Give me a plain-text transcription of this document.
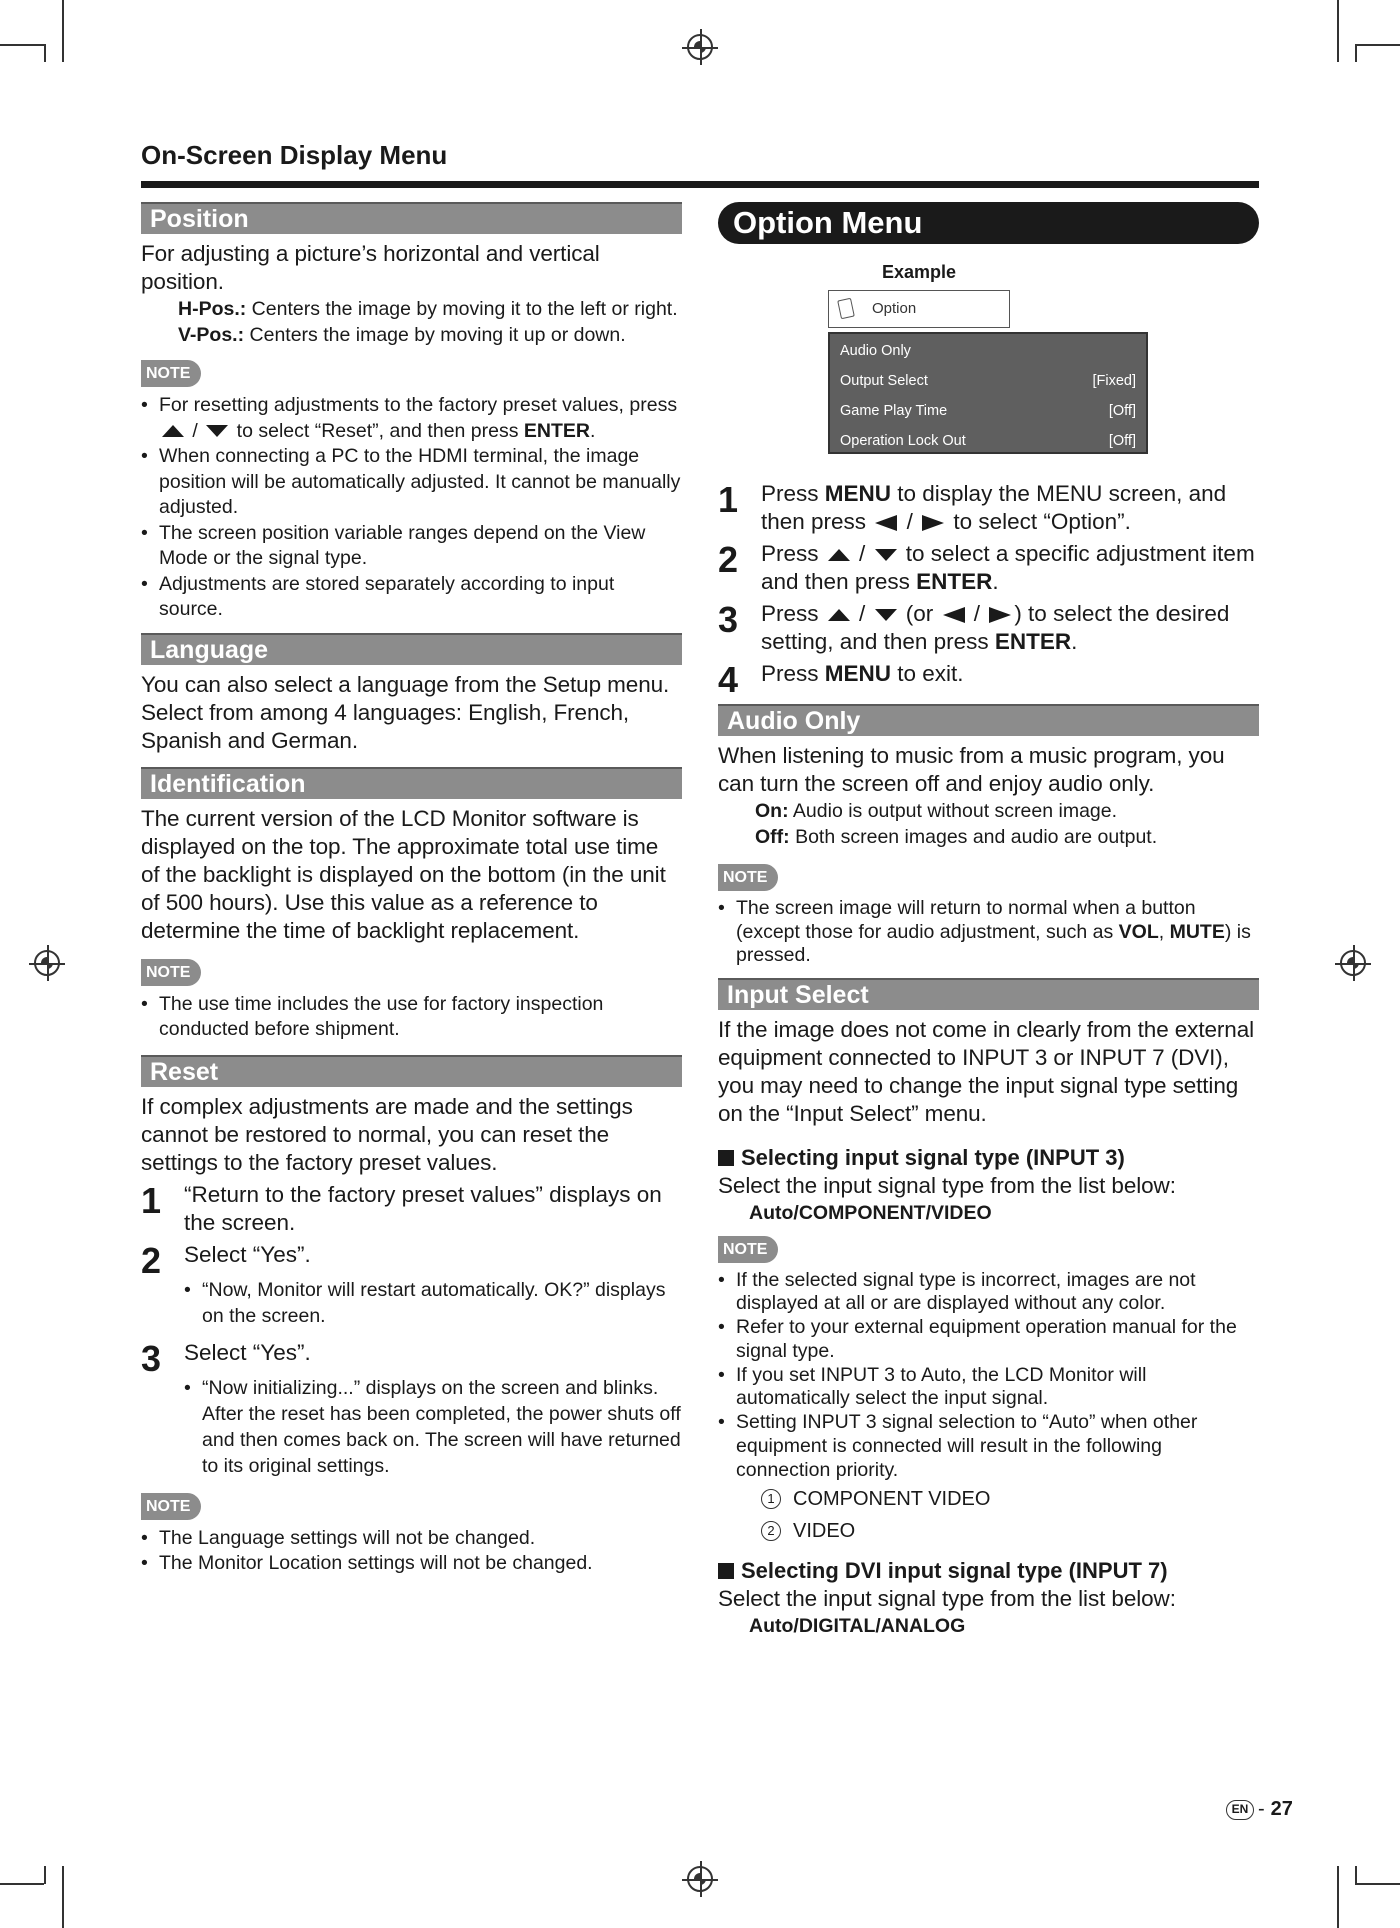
On-Screen Display Menu
Position
For adjusting a picture’s horizontal and vertical position.
H-Pos.: Centers the image by moving it to the left or right.
V-Pos.: Centers the image by moving it up or down.
NOTE
• For resetting adjustments to the factory preset values, press  /  to select “Reset”, and then press ENTER.
• When connecting a PC to the HDMI terminal, the image position will be automatically adjusted. It cannot be manually adjusted.
• The screen position variable ranges depend on the View Mode or the signal type.
• Adjustments are stored separately according to input source.
Language
You can also select a language from the Setup menu. Select from among 4 languages: English, French, Spanish and German.
Identification
The current version of the LCD Monitor software is displayed on the top. The approximate total use time of the backlight is displayed on the bottom (in the unit of 500 hours). Use this value as a reference to determine the time of backlight replacement.
NOTE
• The use time includes the use for factory inspection conducted before shipment.
Reset
If complex adjustments are made and the settings cannot be restored to normal, you can reset the settings to the factory preset values.
1	“Return to the factory preset values” displays on the screen.
2	Select “Yes”.
• “Now, Monitor will restart automatically. OK?” displays on the screen.
3	Select “Yes”.
• “Now initializing...” displays on the screen and blinks. After the reset has been completed, the power shuts off and then comes back on. The screen will have returned to its original settings.
NOTE
• The Language settings will not be changed.
• The Monitor Location settings will not be changed.
Option Menu
Example
Option
Audio Only
Output Select	[Fixed]
Game Play Time	[Off]
Operation Lock Out	[Off]
1	Press MENU to display the MENU screen, and then press  /  to select “Option”.
2	Press  /  to select a specific adjustment item and then press ENTER.
3	Press  /  (or  / ) to select the desired setting, and then press ENTER.
4	Press MENU to exit.
Audio Only
When listening to music from a music program, you can turn the screen off and enjoy audio only.
On: Audio is output without screen image.
Off: Both screen images and audio are output.
NOTE
• The screen image will return to normal when a button (except those for audio adjustment, such as VOL, MUTE) is pressed.
Input Select
If the image does not come in clearly from the external equipment connected to INPUT 3 or INPUT 7 (DVI), you may need to change the input signal type setting on the “Input Select” menu.
Selecting input signal type (INPUT 3)
Select the input signal type from the list below:
Auto/COMPONENT/VIDEO
NOTE
• If the selected signal type is incorrect, images are not displayed at all or are displayed without any color.
• Refer to your external equipment operation manual for the signal type.
• If you set INPUT 3 to Auto, the LCD Monitor will automatically select the input signal.
• Setting INPUT 3 signal selection to “Auto” when other equipment is connected will result in the following connection priority.
1 COMPONENT VIDEO
2 VIDEO
Selecting DVI input signal type (INPUT 7)
Select the input signal type from the list below:
Auto/DIGITAL/ANALOG
EN - 27
